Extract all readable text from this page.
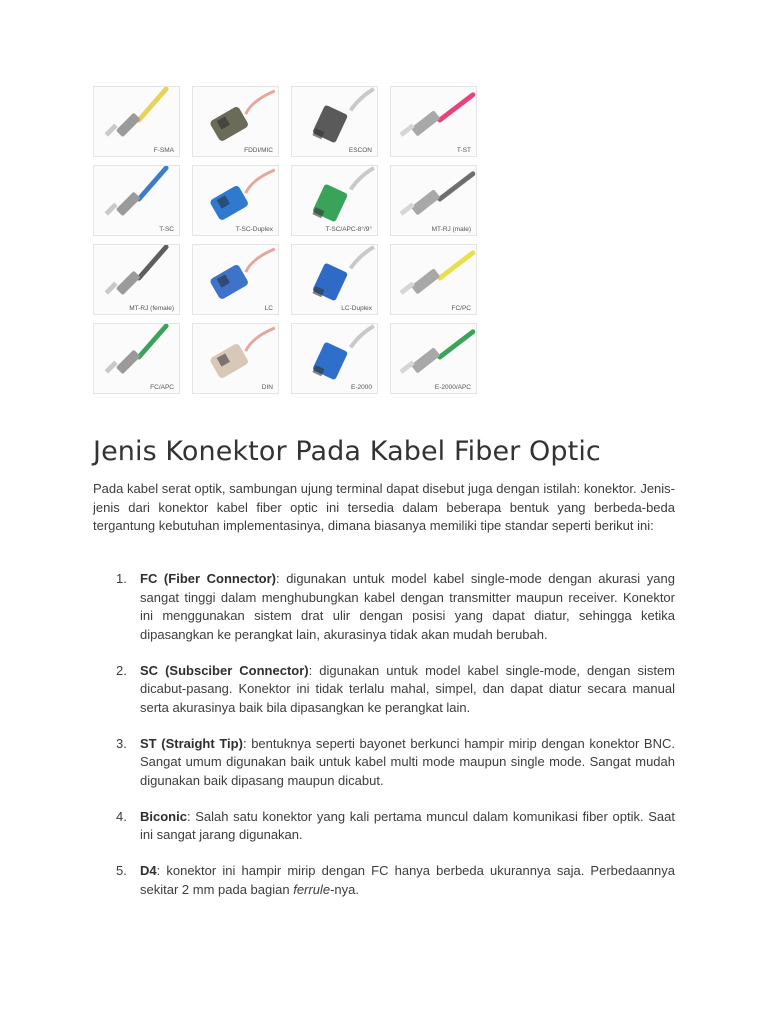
F-SMA	FDDI/MIC	ESCON	T-ST
T-SC	T-SC-Duplex	T-SC/APC-8°/9°	MT-RJ (male)
MT-RJ (female)	LC	LC-Duplex	FC/PC
FC/APC	DIN	E-2000	E-2000/APC
Jenis Konektor Pada Kabel Fiber Optic

Pada kabel serat optik, sambungan ujung terminal dapat disebut juga dengan istilah: konektor. Jenis-jenis dari konektor kabel fiber optic ini tersedia dalam beberapa bentuk yang berbeda-beda tergantung kebutuhan implementasinya, dimana biasanya memiliki tipe standar seperti berikut ini:

1. FC (Fiber Connector): digunakan untuk model kabel single-mode dengan akurasi yang sangat tinggi dalam menghubungkan kabel dengan transmitter maupun receiver. Konektor ini menggunakan sistem drat ulir dengan posisi yang dapat diatur, sehingga ketika dipasangkan ke perangkat lain, akurasinya tidak akan mudah berubah.
2. SC (Subsciber Connector): digunakan untuk model kabel single-mode, dengan sistem dicabut-pasang. Konektor ini tidak terlalu mahal, simpel, dan dapat diatur secara manual serta akurasinya baik bila dipasangkan ke perangkat lain.
3. ST (Straight Tip): bentuknya seperti bayonet berkunci hampir mirip dengan konektor BNC. Sangat umum digunakan baik untuk kabel multi mode maupun single mode. Sangat mudah digunakan baik dipasang maupun dicabut.
4. Biconic: Salah satu konektor yang kali pertama muncul dalam komunikasi fiber optik. Saat ini sangat jarang digunakan.
5. D4: konektor ini hampir mirip dengan FC hanya berbeda ukurannya saja. Perbedaannya sekitar 2 mm pada bagian ferrule-nya.
